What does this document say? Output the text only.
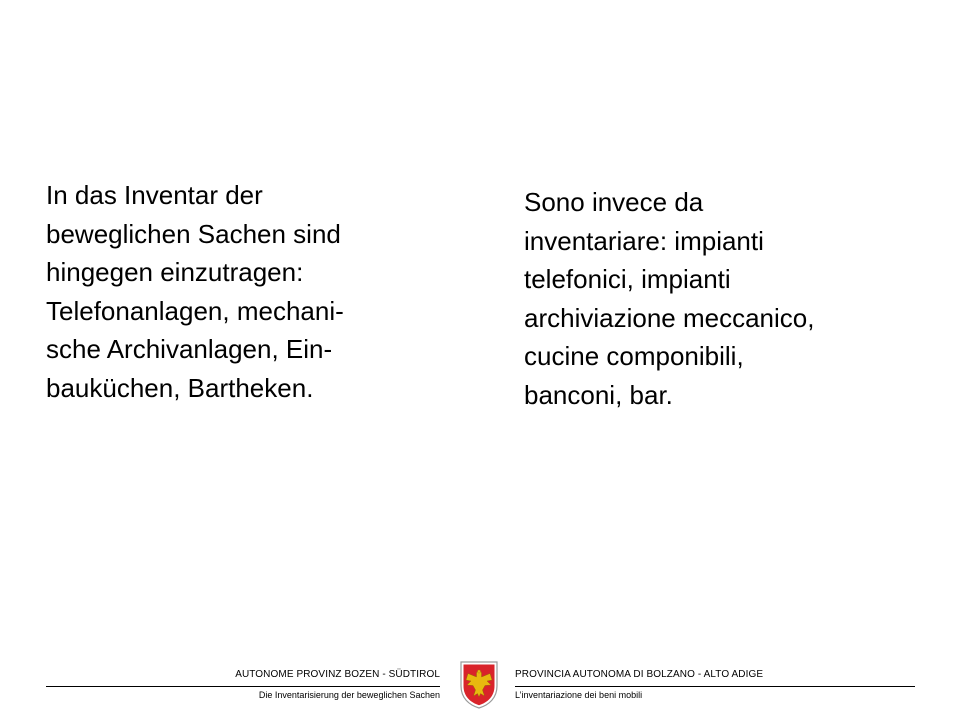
In das Inventar der
beweglichen Sachen sind
hingegen einzutragen:
Telefonanlagen, mechani-
sche Archivanlagen, Ein-
bauküchen, Bartheken.
Sono invece da
inventariare: impianti
telefonici, impianti
archiviazione meccanico,
cucine componibili,
banconi, bar.
AUTONOME PROVINZ BOZEN - SÜDTIROL	PROVINCIA AUTONOMA DI BOLZANO - ALTO ADIGE
Die Inventarisierung der beweglichen Sachen	L’inventariazione dei beni mobili
